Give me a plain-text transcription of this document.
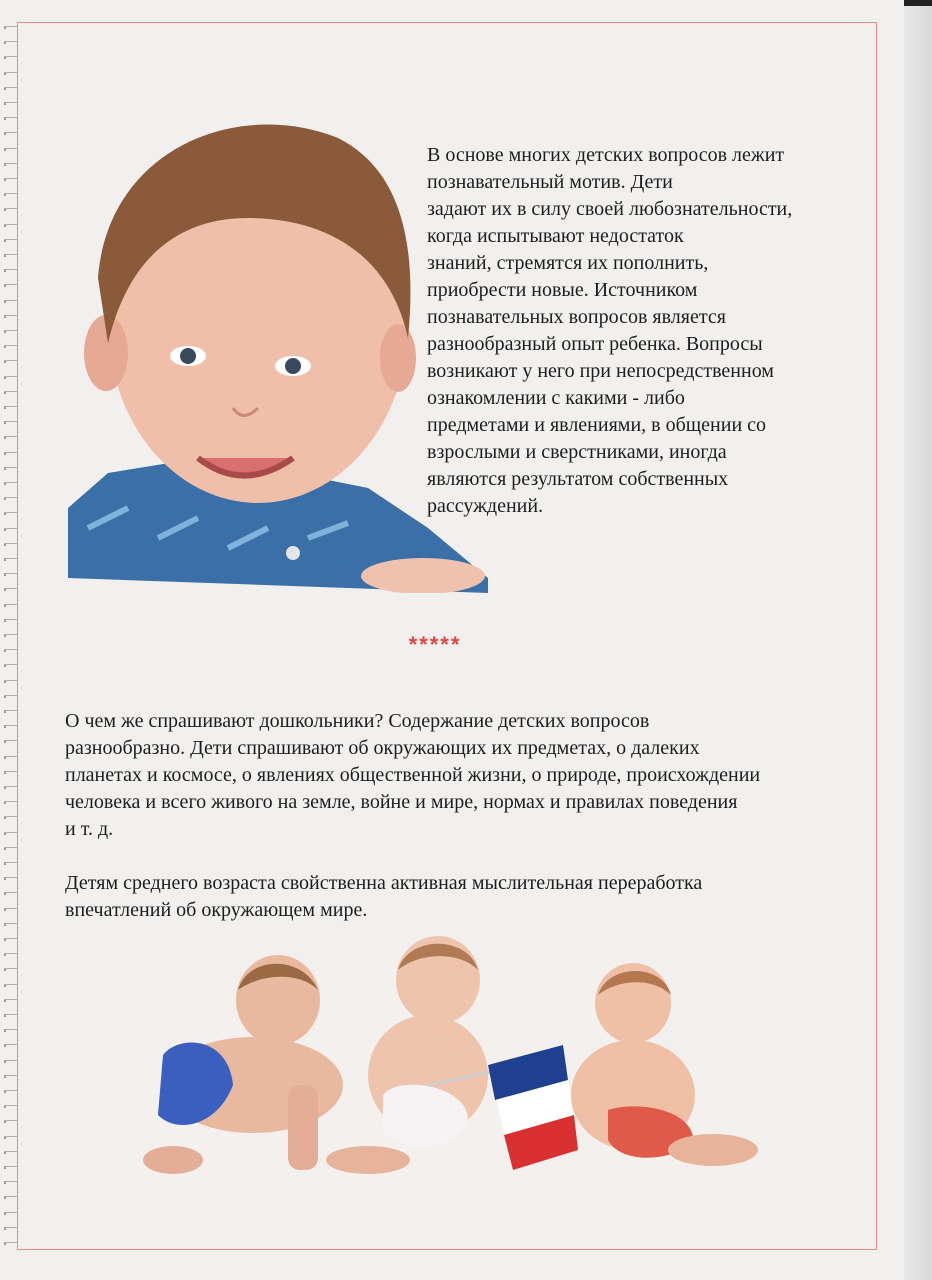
В основе многих детских вопросов лежит
познавательный мотив. Дети
задают их в силу своей любознательности,
когда испытывают недостаток
знаний, стремятся их пополнить,
приобрести новые. Источником
познавательных вопросов является
разнообразный опыт ребенка. Вопросы
возникают у него при непосредственном
ознакомлении с какими - либо
предметами и явлениями, в общении со
взрослыми и сверстниками, иногда
являются результатом собственных
рассуждений.

*****

О чем же спрашивают дошкольники? Содержание детских вопросов
разнообразно. Дети спрашивают об окружающих их предметах, о далеких
планетах и космосе, о явлениях общественной жизни, о природе, происхождении
человека и всего живого на земле, войне и мире, нормах и правилах поведения
и т. д.

Детям среднего возраста свойственна активная мыслительная переработка
впечатлений об окружающем мире.
